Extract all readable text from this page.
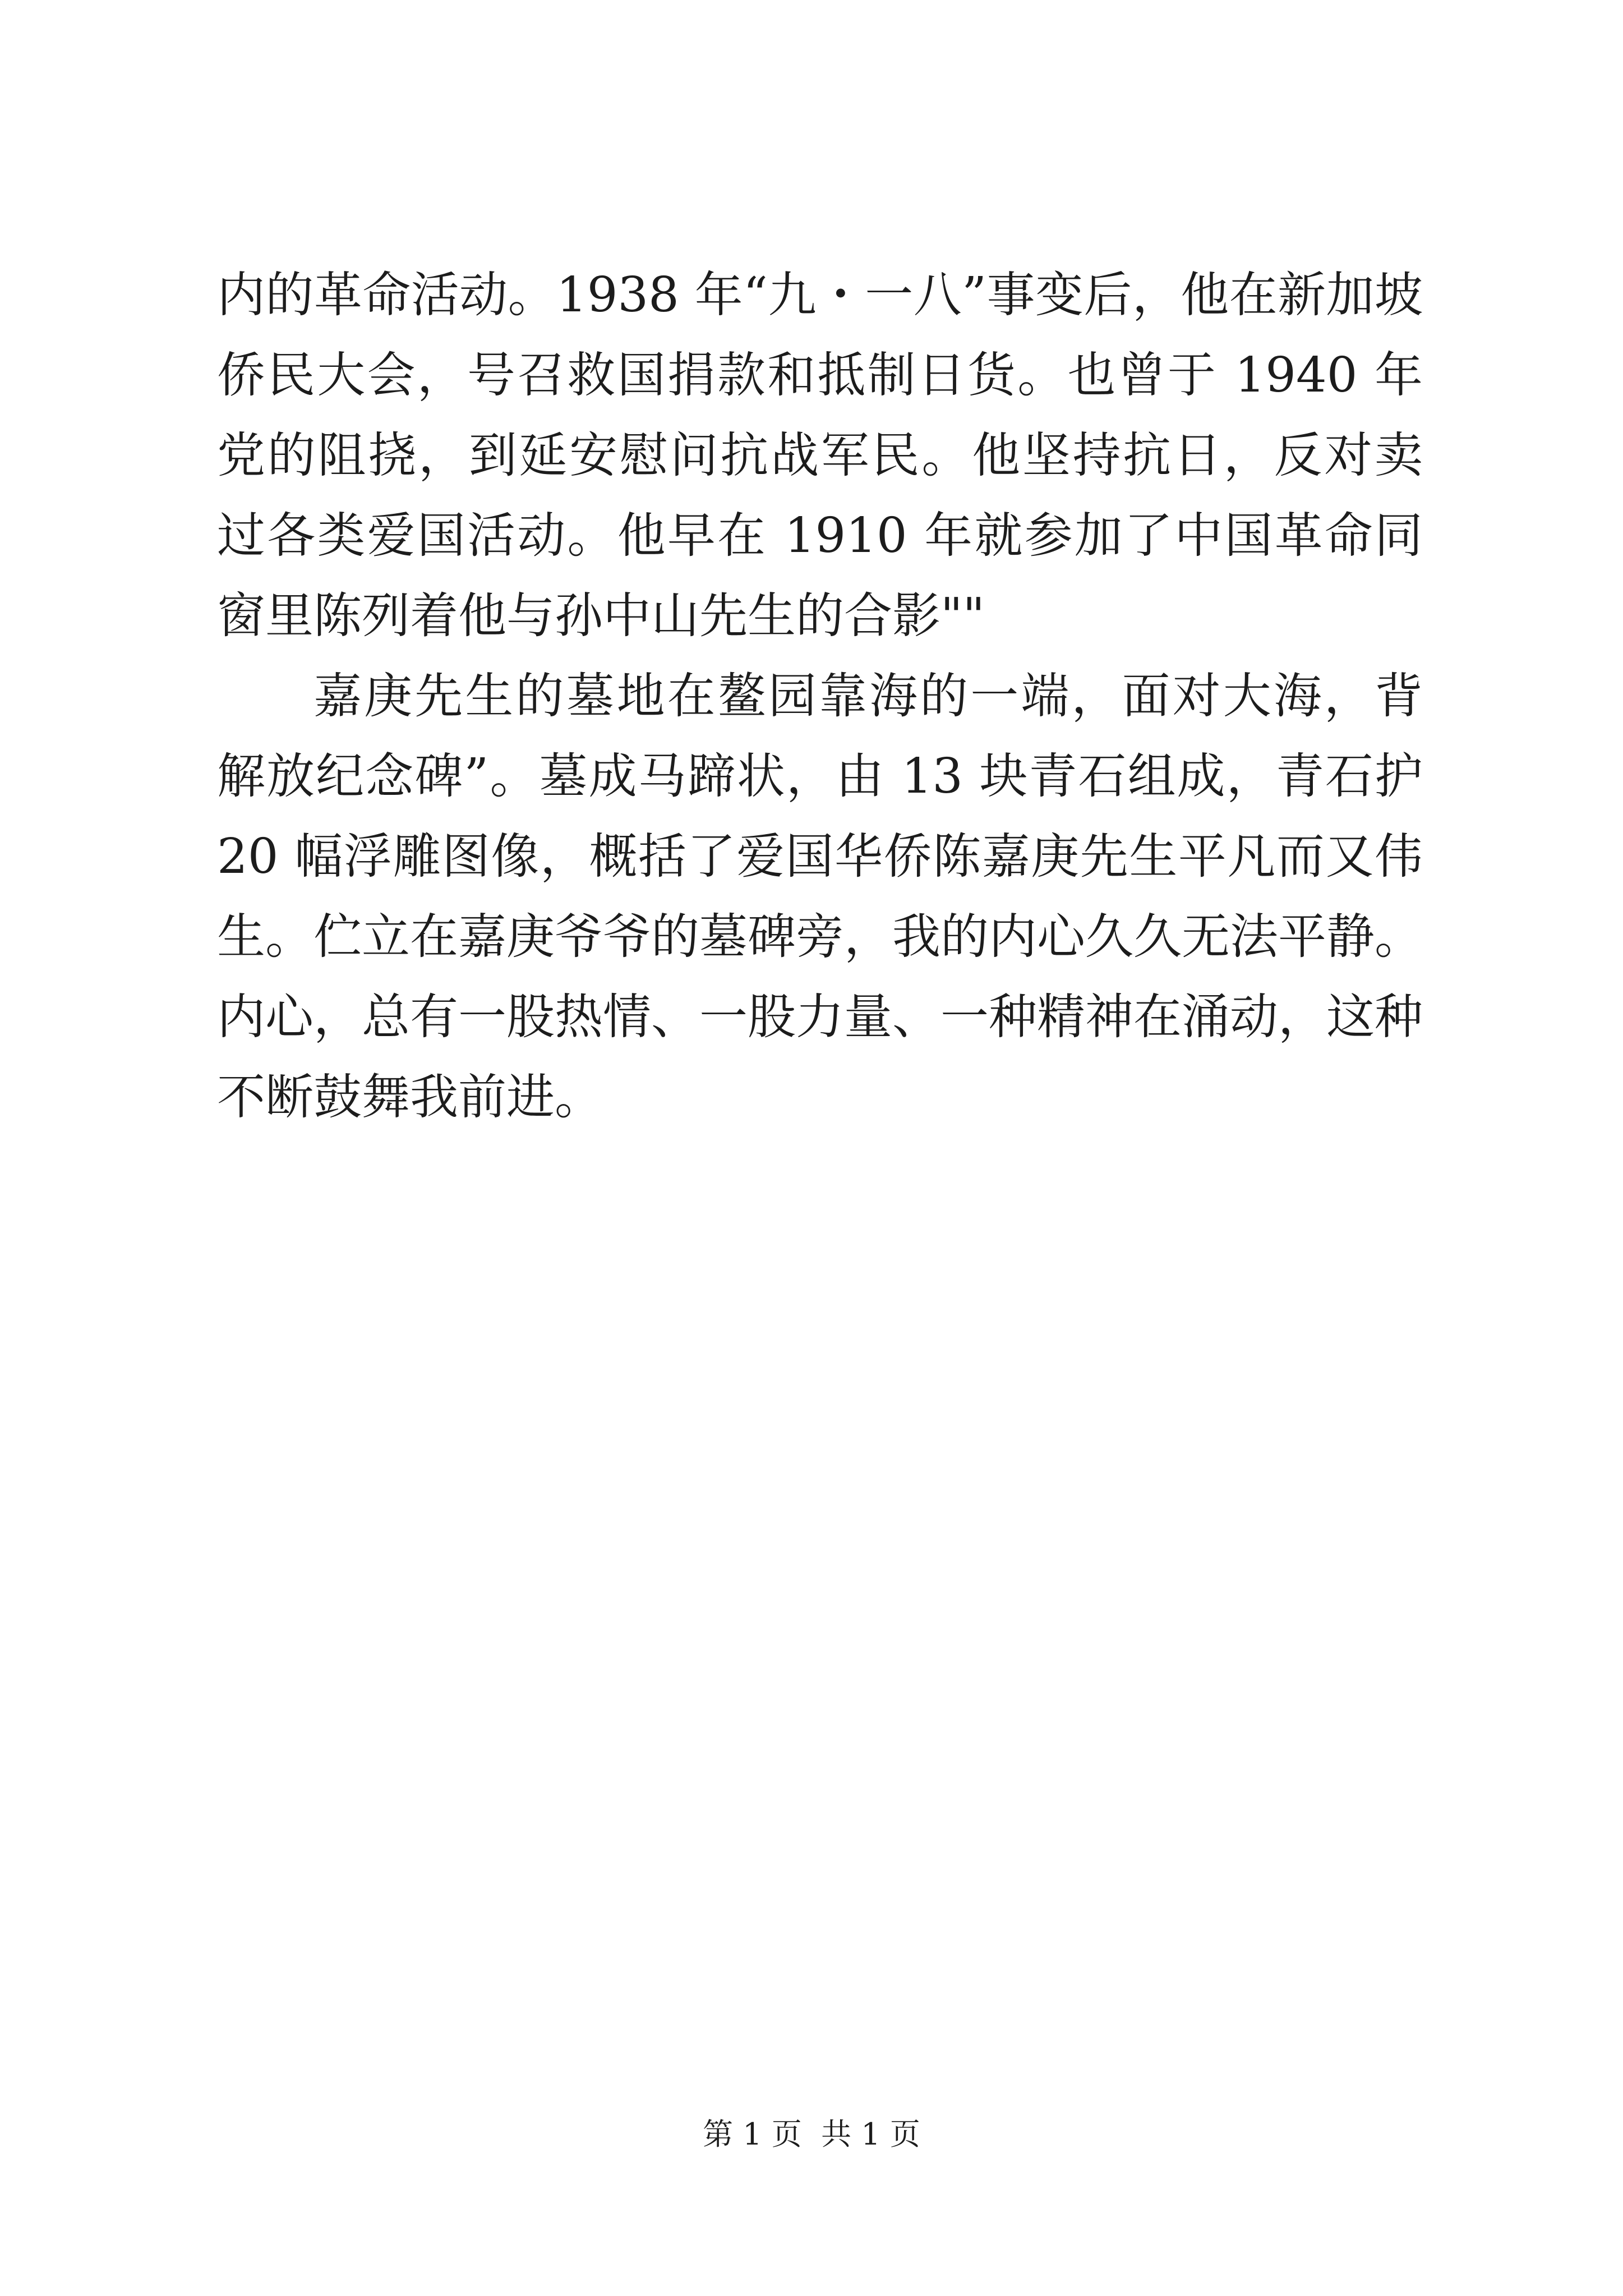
内的革命活动。1938 年“九・一八”事变后，他在新加坡
侨民大会，号召救国捐款和抵制日货。也曾于 1940 年
党的阻挠，到延安慰问抗战军民。他坚持抗日，反对卖
过各类爱国活动。他早在 1910 年就参加了中国革命同
窗里陈列着他与孙中山先生的合影""
嘉庚先生的墓地在鳌园靠海的一端，面对大海，背
解放纪念碑”。墓成马蹄状，由 13 块青石组成，青石护
20 幅浮雕图像，概括了爱国华侨陈嘉庚先生平凡而又伟
生。伫立在嘉庚爷爷的墓碑旁，我的内心久久无法平静。
内心，总有一股热情、一股力量、一种精神在涌动，这种
不断鼓舞我前进。
第 1 页  共 1 页
